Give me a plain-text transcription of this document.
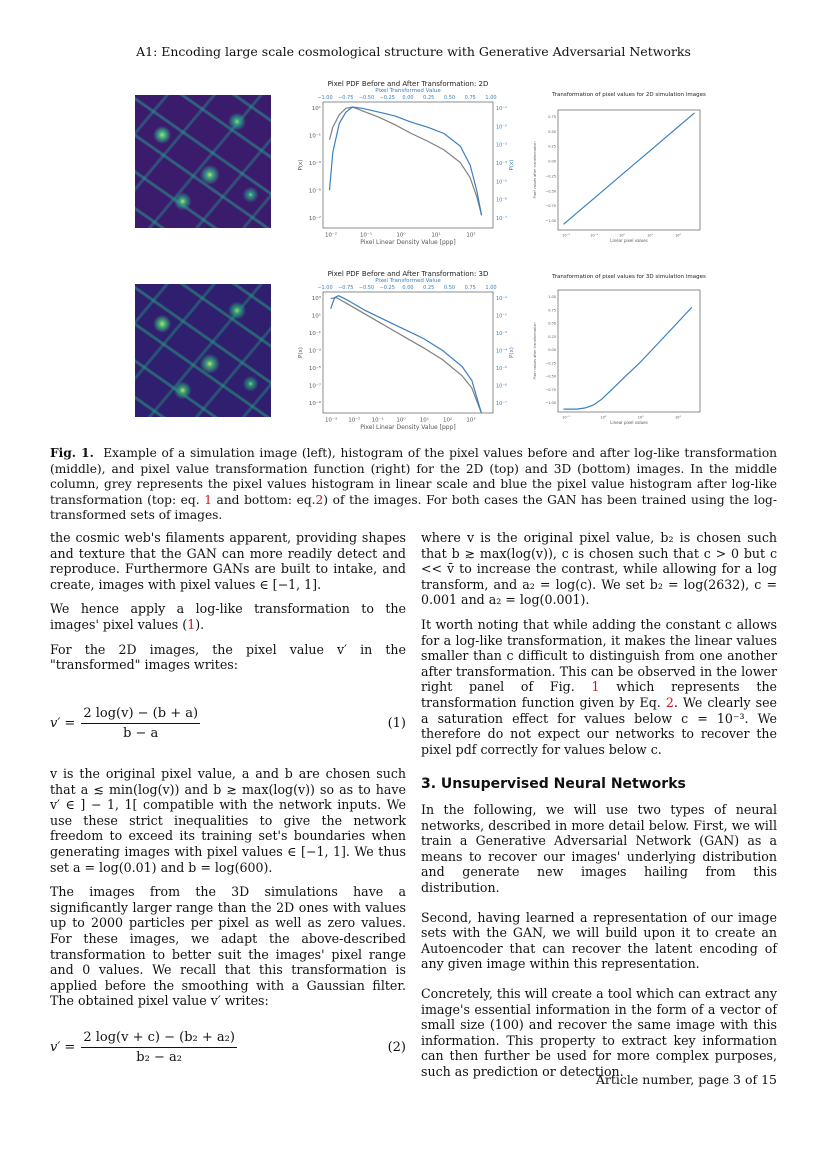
A1: Encoding large scale cosmological structure with Generative Adversarial Networks
Pixel PDF Before and After Transformation: 2D
10⁻²	10⁻¹	10⁰	10¹	10²
10¹
10⁻¹
10⁻³
10⁻⁵
10⁻⁷
Pixel Linear Density Value [ppp]
P(x)
Pixel Transformed Value
−1.00 −0.75 −0.50 −0.25 0.00 0.25 0.50 0.75 1.00
10⁻¹
10⁻²
10⁻³
10⁻⁴
10⁻⁵
10⁻⁶
10⁻⁷
P(x)
Transformation of pixel values for 2D simulation images
10⁻²	10⁻¹	10⁰	10¹	10²
0.75
0.50
0.25
0.00
−0.25
−0.50
−0.75
−1.00
Linear pixel values
Pixel values after transformation
Pixel PDF Before and After Transformation: 3D
10⁻³ 10⁻² 10⁻¹ 10⁰	10¹	10²	10³
10³
10¹
10⁻¹
10⁻³
10⁻⁵
10⁻⁷
10⁻⁹
Pixel Linear Density Value [ppp]
P(x)
Pixel Transformed Value
−1.00 −0.75 −0.50 −0.25 0.00 0.25 0.50 0.75 1.00
10⁻¹
10⁻²
10⁻³
10⁻⁴
10⁻⁵
10⁻⁶
10⁻⁷
P(x)
Transformation of pixel values for 3D simulation images
10⁻¹	10⁰	10¹	10²
1.00
0.75
0.50
0.25
0.00
−0.25
−0.50
−0.75
−1.00
Linear pixel values
Pixel values after transformation
Fig. 1. Example of a simulation image (left), histogram of the pixel values before and after log-like transformation (middle), and pixel value transformation function (right) for the 2D (top) and 3D (bottom) images. In the middle column, grey represents the pixel values histogram in linear scale and blue the pixel value histogram after log-like transformation (top: eq. 1 and bottom: eq.2) of the images. For both cases the GAN has been trained using the log-transformed sets of images.

the cosmic web's filaments apparent, providing shapes and texture that the GAN can more readily detect and reproduce. Furthermore GANs are built to intake, and create, images with pixel values ∈ [−1, 1].

We hence apply a log-like transformation to the images' pixel values (1).

For the 2D images, the pixel value v′ in the "transformed" images writes:

$v' = \frac{2 \log(v) - (b + a)}{b - a}$	(1)

v is the original pixel value, a and b are chosen such that a ≲ min(log(v)) and b ≳ max(log(v)) so as to have v′ ∈ ] − 1, 1[ compatible with the network inputs. We use these strict inequalities to give the network freedom to exceed its training set's boundaries when generating images with pixel values ∈ [−1, 1]. We thus set a = log(0.01) and b = log(600).

The images from the 3D simulations have a significantly larger range than the 2D ones with values up to 2000 particles per pixel as well as zero values. For these images, we adapt the above-described transformation to better suit the images' pixel range and 0 values. We recall that this transformation is applied before the smoothing with a Gaussian filter. The obtained pixel value v′ writes:

$v' = \frac{\text{2 log(v + c) − (b₂ + a₂)}}{\text{b₂ − a₂}}$	(2)

where v is the original pixel value, b₂ is chosen such that b ≳ max(log(v)), c is chosen such that c > 0 but c << v̄ to increase the contrast, while allowing for a log transform, and a₂ = log(c). We set b₂ = log(2632), c = 0.001 and a₂ = log(0.001).

It worth noting that while adding the constant c allows for a log-like transformation, it makes the linear values smaller than c difficult to distinguish from one another after transformation. This can be observed in the lower right panel of Fig. 1 which represents the transformation function given by Eq. 2. We clearly see a saturation effect for values below c = 10⁻³. We therefore do not expect our networks to recover the pixel pdf correctly for values below c.

3. Unsupervised Neural Networks

In the following, we will use two types of neural networks, described in more detail below. First, we will train a Generative Adversarial Network (GAN) as a means to recover our images' underlying distribution and generate new images hailing from this distribution.

Second, having learned a representation of our image sets with the GAN, we will build upon it to create an Autoencoder that can recover the latent encoding of any given image within this representation.

Concretely, this will create a tool which can extract any image's essential information in the form of a vector of small size (100) and recover the same image with this information. This property to extract key information can then further be used for more complex purposes, such as prediction or detection.

Article number, page 3 of 15
